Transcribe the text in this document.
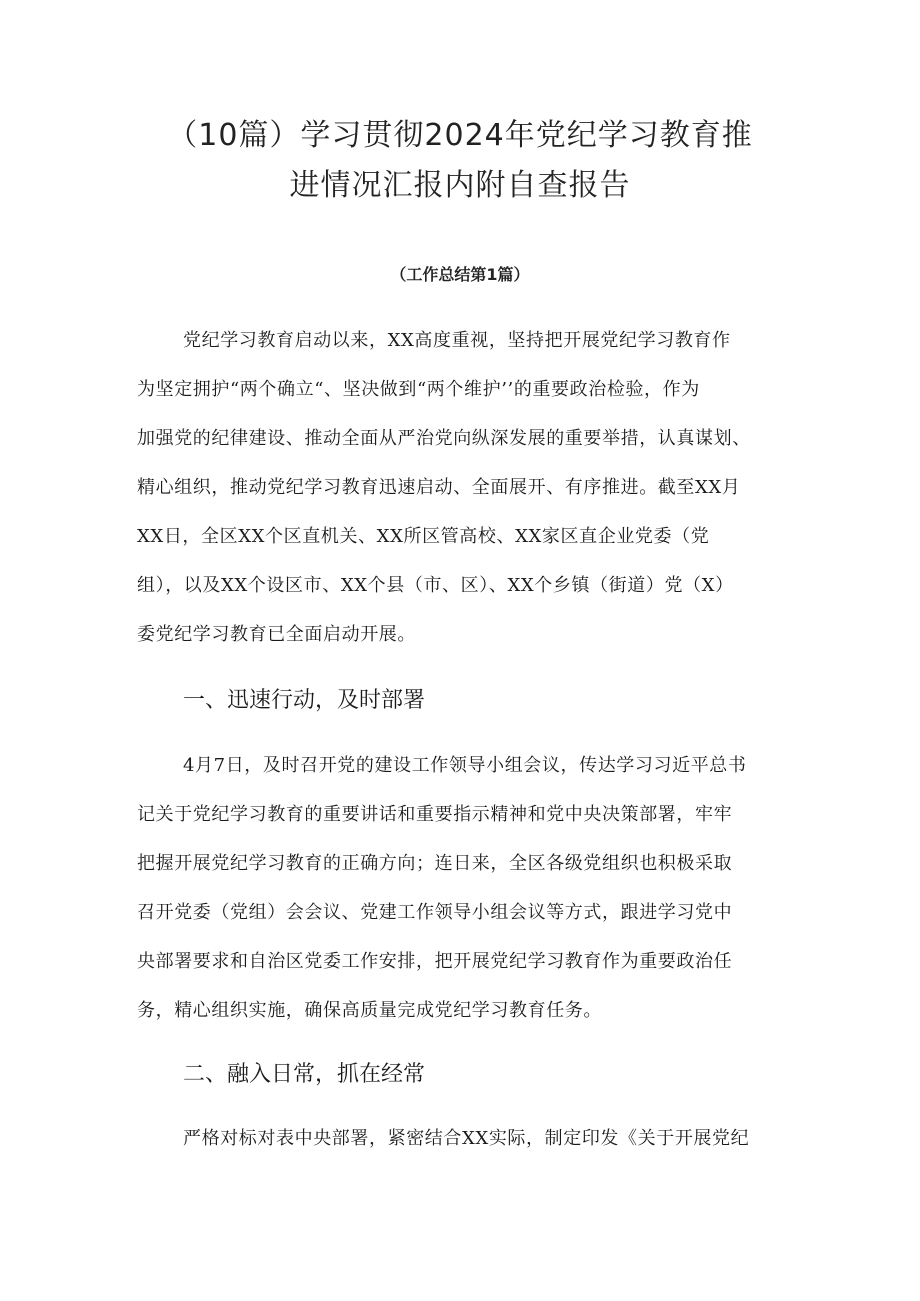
（10篇）学习贯彻2024年党纪学习教育推
进情况汇报内附自查报告
（工作总结第1篇）
党纪学习教育启动以来，XX高度重视，坚持把开展党纪学习教育作
为坚定拥护“两个确立“、坚决做到“两个维护’’的重要政治检验，作为
加强党的纪律建设、推动全面从严治党向纵深发展的重要举措，认真谋划、
精心组织，推动党纪学习教育迅速启动、全面展开、有序推进。截至XX月
XX日，全区XX个区直机关、XX所区管高校、XX家区直企业党委（党
组），以及XX个设区市、XX个县（市、区）、XX个乡镇（街道）党（X）
委党纪学习教育已全面启动开展。
一、迅速行动，及时部署
4月7日，及时召开党的建设工作领导小组会议，传达学习习近平总书
记关于党纪学习教育的重要讲话和重要指示精神和党中央决策部署，牢牢
把握开展党纪学习教育的正确方向；连日来，全区各级党组织也积极采取
召开党委（党组）会会议、党建工作领导小组会议等方式，跟进学习党中
央部署要求和自治区党委工作安排，把开展党纪学习教育作为重要政治任
务，精心组织实施，确保高质量完成党纪学习教育任务。
二、融入日常，抓在经常
严格对标对表中央部署，紧密结合XX实际，制定印发《关于开展党纪
